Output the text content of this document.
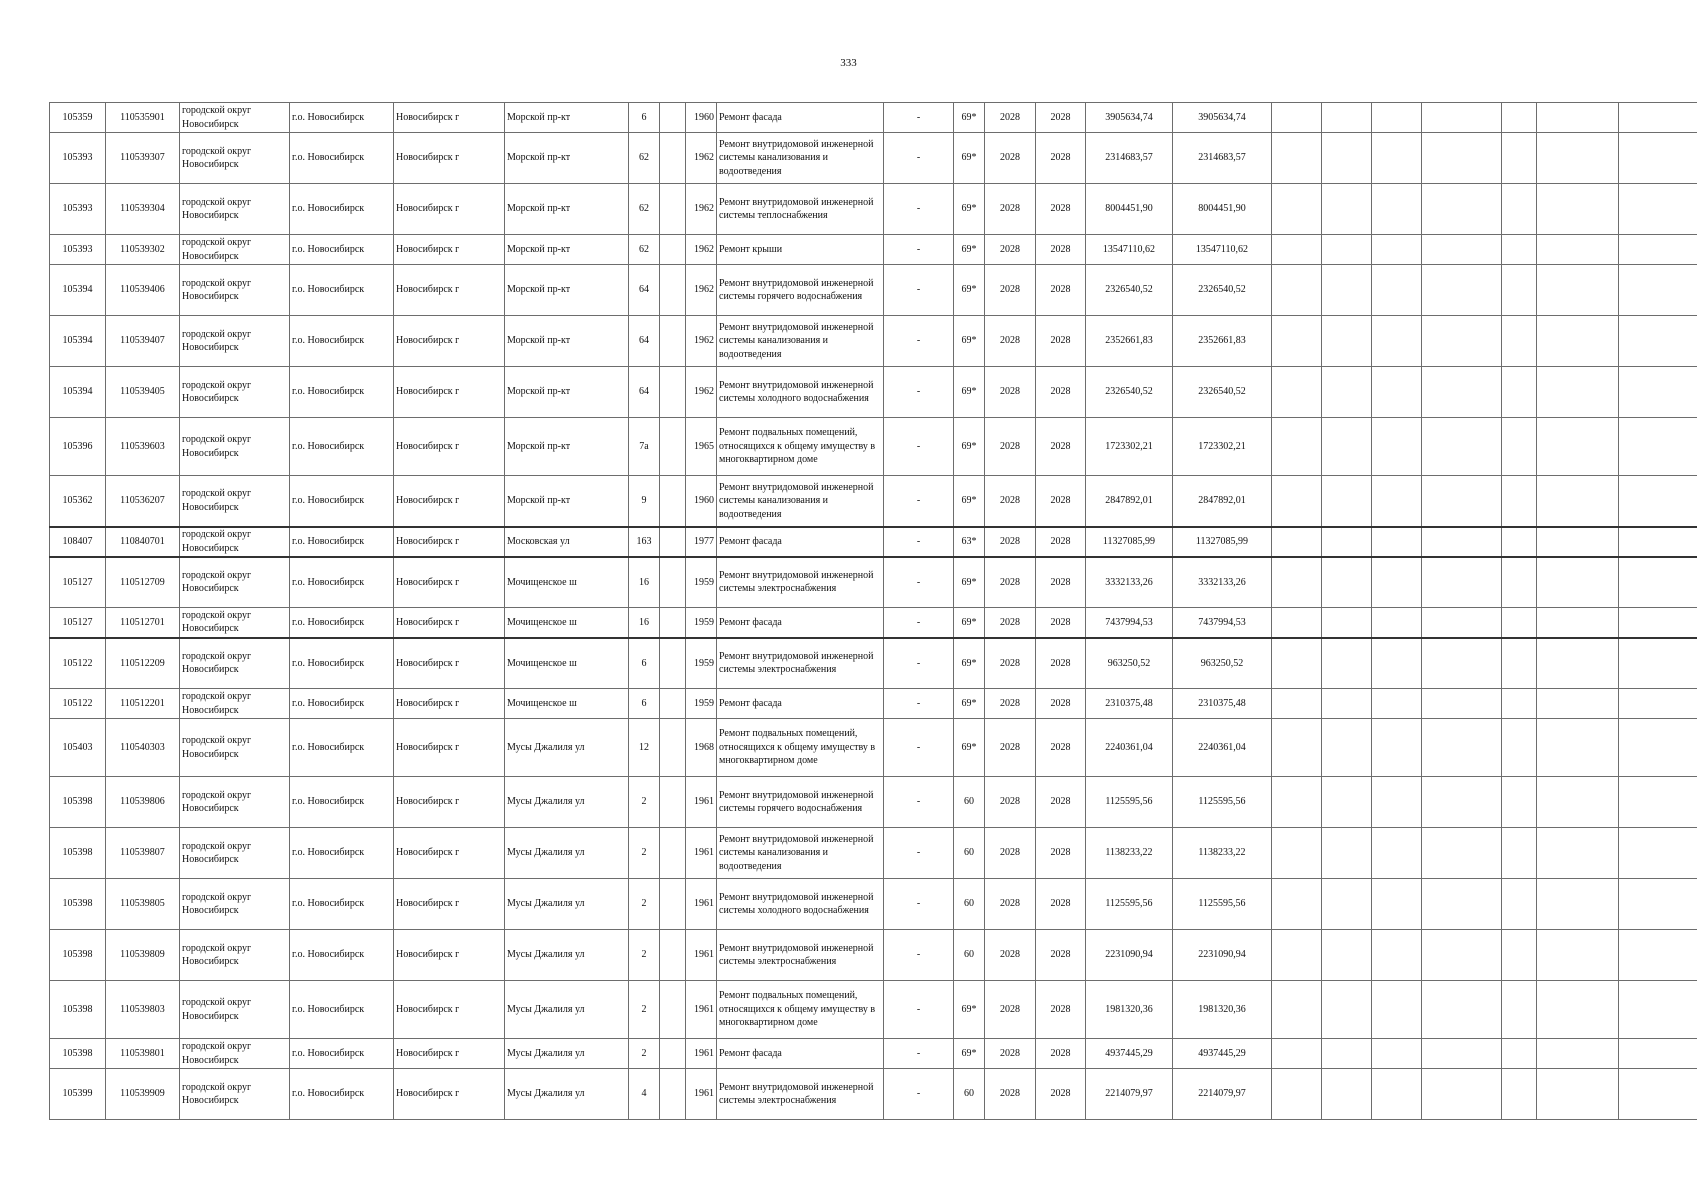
333
105359	110535901	городской округ Новосибирск	г.о. Новосибирск	Новосибирск г	Морской пр-кт	6		1960	Ремонт фасада	-	69*	2028	2028	3905634,74	3905634,74							
105393	110539307	городской округ Новосибирск	г.о. Новосибирск	Новосибирск г	Морской пр-кт	62		1962	Ремонт внутридомовой инженерной системы канализования и водоотведения	-	69*	2028	2028	2314683,57	2314683,57							
105393	110539304	городской округ Новосибирск	г.о. Новосибирск	Новосибирск г	Морской пр-кт	62		1962	Ремонт внутридомовой инженерной системы теплоснабжения	-	69*	2028	2028	8004451,90	8004451,90							
105393	110539302	городской округ Новосибирск	г.о. Новосибирск	Новосибирск г	Морской пр-кт	62		1962	Ремонт крыши	-	69*	2028	2028	13547110,62	13547110,62							
105394	110539406	городской округ Новосибирск	г.о. Новосибирск	Новосибирск г	Морской пр-кт	64		1962	Ремонт внутридомовой инженерной системы горячего водоснабжения	-	69*	2028	2028	2326540,52	2326540,52							
105394	110539407	городской округ Новосибирск	г.о. Новосибирск	Новосибирск г	Морской пр-кт	64		1962	Ремонт внутридомовой инженерной системы канализования и водоотведения	-	69*	2028	2028	2352661,83	2352661,83							
105394	110539405	городской округ Новосибирск	г.о. Новосибирск	Новосибирск г	Морской пр-кт	64		1962	Ремонт внутридомовой инженерной системы холодного водоснабжения	-	69*	2028	2028	2326540,52	2326540,52							
105396	110539603	городской округ Новосибирск	г.о. Новосибирск	Новосибирск г	Морской пр-кт	7а		1965	Ремонт подвальных помещений, относящихся к общему имуществу в многоквартирном доме	-	69*	2028	2028	1723302,21	1723302,21							
105362	110536207	городской округ Новосибирск	г.о. Новосибирск	Новосибирск г	Морской пр-кт	9		1960	Ремонт внутридомовой инженерной системы канализования и водоотведения	-	69*	2028	2028	2847892,01	2847892,01							
108407	110840701	городской округ Новосибирск	г.о. Новосибирск	Новосибирск г	Московская ул	163		1977	Ремонт фасада	-	63*	2028	2028	11327085,99	11327085,99							
105127	110512709	городской округ Новосибирск	г.о. Новосибирск	Новосибирск г	Мочищенское ш	16		1959	Ремонт внутридомовой инженерной системы электроснабжения	-	69*	2028	2028	3332133,26	3332133,26							
105127	110512701	городской округ Новосибирск	г.о. Новосибирск	Новосибирск г	Мочищенское ш	16		1959	Ремонт фасада	-	69*	2028	2028	7437994,53	7437994,53							
105122	110512209	городской округ Новосибирск	г.о. Новосибирск	Новосибирск г	Мочищенское ш	6		1959	Ремонт внутридомовой инженерной системы электроснабжения	-	69*	2028	2028	963250,52	963250,52							
105122	110512201	городской округ Новосибирск	г.о. Новосибирск	Новосибирск г	Мочищенское ш	6		1959	Ремонт фасада	-	69*	2028	2028	2310375,48	2310375,48							
105403	110540303	городской округ Новосибирск	г.о. Новосибирск	Новосибирск г	Мусы Джалиля ул	12		1968	Ремонт подвальных помещений, относящихся к общему имуществу в многоквартирном доме	-	69*	2028	2028	2240361,04	2240361,04							
105398	110539806	городской округ Новосибирск	г.о. Новосибирск	Новосибирск г	Мусы Джалиля ул	2		1961	Ремонт внутридомовой инженерной системы горячего водоснабжения	-	60	2028	2028	1125595,56	1125595,56							
105398	110539807	городской округ Новосибирск	г.о. Новосибирск	Новосибирск г	Мусы Джалиля ул	2		1961	Ремонт внутридомовой инженерной системы канализования и водоотведения	-	60	2028	2028	1138233,22	1138233,22							
105398	110539805	городской округ Новосибирск	г.о. Новосибирск	Новосибирск г	Мусы Джалиля ул	2		1961	Ремонт внутридомовой инженерной системы холодного водоснабжения	-	60	2028	2028	1125595,56	1125595,56							
105398	110539809	городской округ Новосибирск	г.о. Новосибирск	Новосибирск г	Мусы Джалиля ул	2		1961	Ремонт внутридомовой инженерной системы электроснабжения	-	60	2028	2028	2231090,94	2231090,94							
105398	110539803	городской округ Новосибирск	г.о. Новосибирск	Новосибирск г	Мусы Джалиля ул	2		1961	Ремонт подвальных помещений, относящихся к общему имуществу в многоквартирном доме	-	69*	2028	2028	1981320,36	1981320,36							
105398	110539801	городской округ Новосибирск	г.о. Новосибирск	Новосибирск г	Мусы Джалиля ул	2		1961	Ремонт фасада	-	69*	2028	2028	4937445,29	4937445,29							
105399	110539909	городской округ Новосибирск	г.о. Новосибирск	Новосибирск г	Мусы Джалиля ул	4		1961	Ремонт внутридомовой инженерной системы электроснабжения	-	60	2028	2028	2214079,97	2214079,97							
